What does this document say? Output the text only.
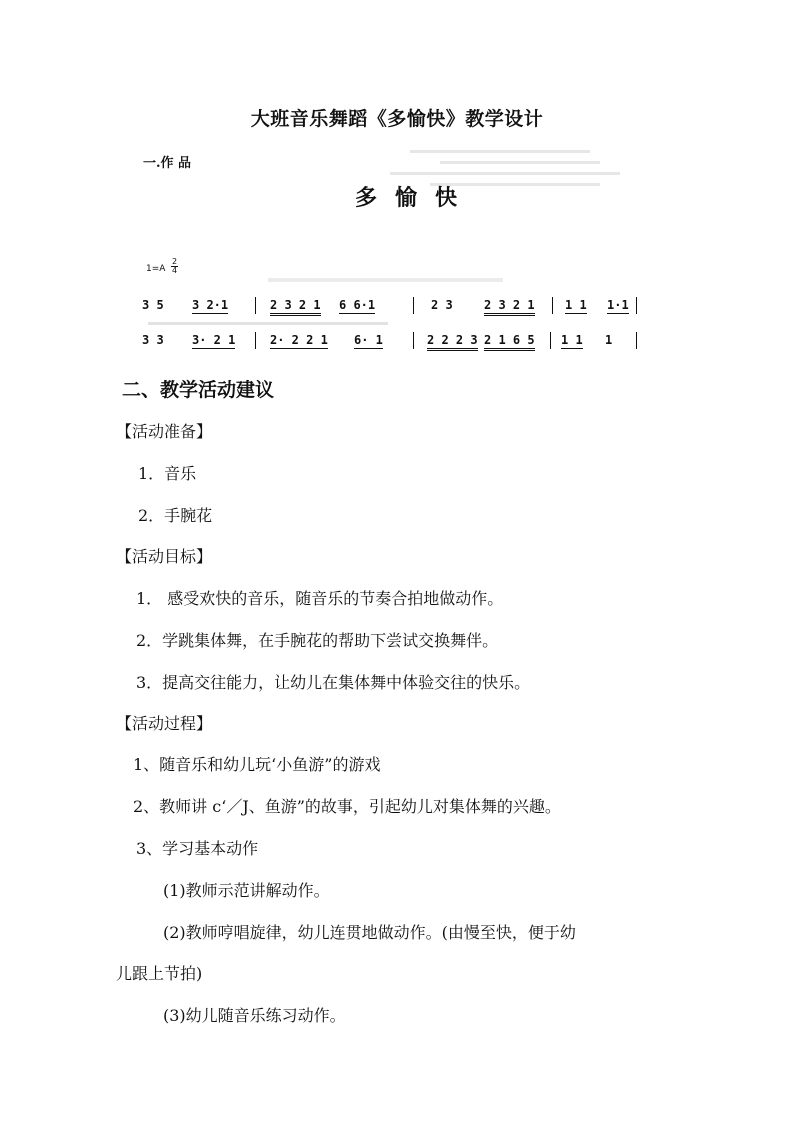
大班音乐舞蹈《多愉快》教学设计
一.作 品
多愉快
1=A
2
4
3 5 3 2·1	2 3 2 1 6 6·1	2 3	2 3 2 1	1 1 1·1
3 3 3· 2 1	2· 2 2 1 6· 1	2 2 2 3 2 1 6 5 1 1 1
二、教学活动建议
【活动准备】
1．音乐
2．手腕花
【活动目标】
1． 感受欢快的音乐，随音乐的节奏合拍地做动作。
2．学跳集体舞，在手腕花的帮助下尝试交换舞伴。
3．提高交往能力，让幼儿在集体舞中体验交往的快乐。
【活动过程】
1、随音乐和幼儿玩‘小鱼游”的游戏
2、教师讲 c‘／J、鱼游”的故事，引起幼儿对集体舞的兴趣。
3、学习基本动作
(1)教师示范讲解动作。
(2)教师哼唱旋律，幼儿连贯地做动作。(由慢至快，便于幼
儿跟上节拍)
(3)幼儿随音乐练习动作。
